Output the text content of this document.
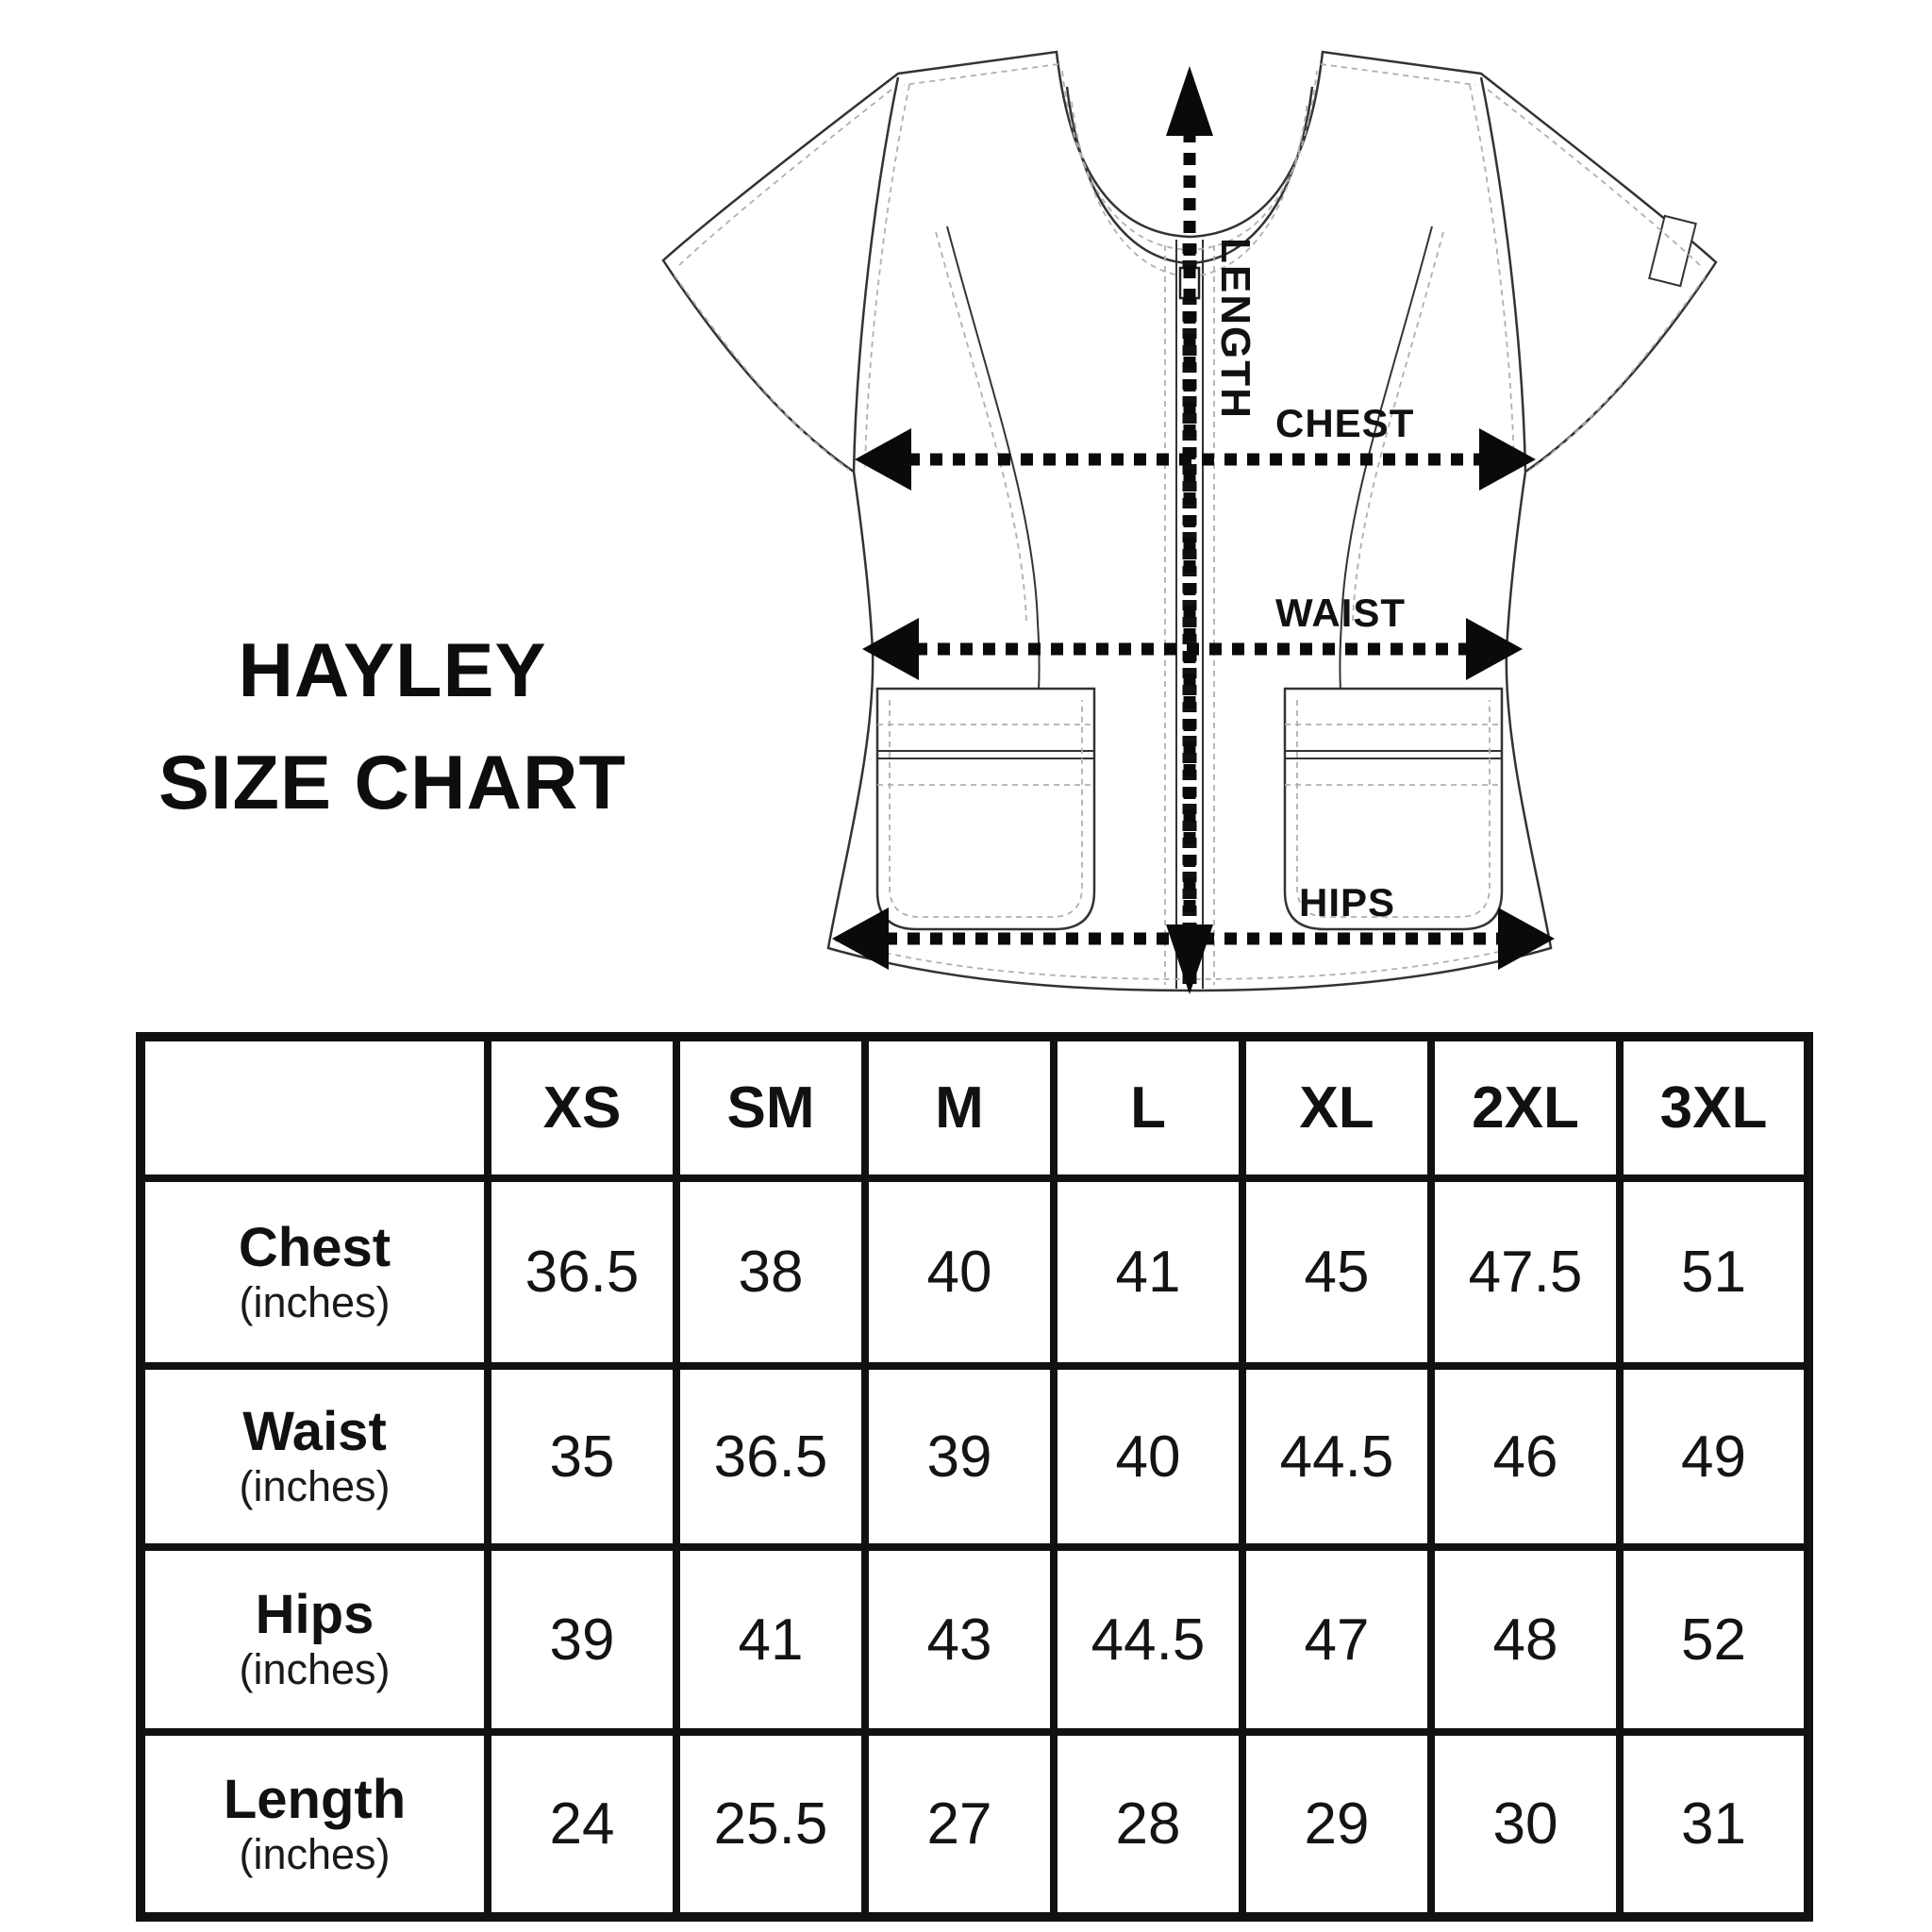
LENGTH
CHEST
WAIST
HIPS
HAYLEY
SIZE CHART
	XS	SM	M	L	XL	2XL	3XL

Chest
(inches)	36.5	38	40	41	45	47.5	51

Waist
(inches)	35	36.5	39	40	44.5	46	49

Hips
(inches)	39	41	43	44.5	47	48	52

Length
(inches)	24	25.5	27	28	29	30	31
